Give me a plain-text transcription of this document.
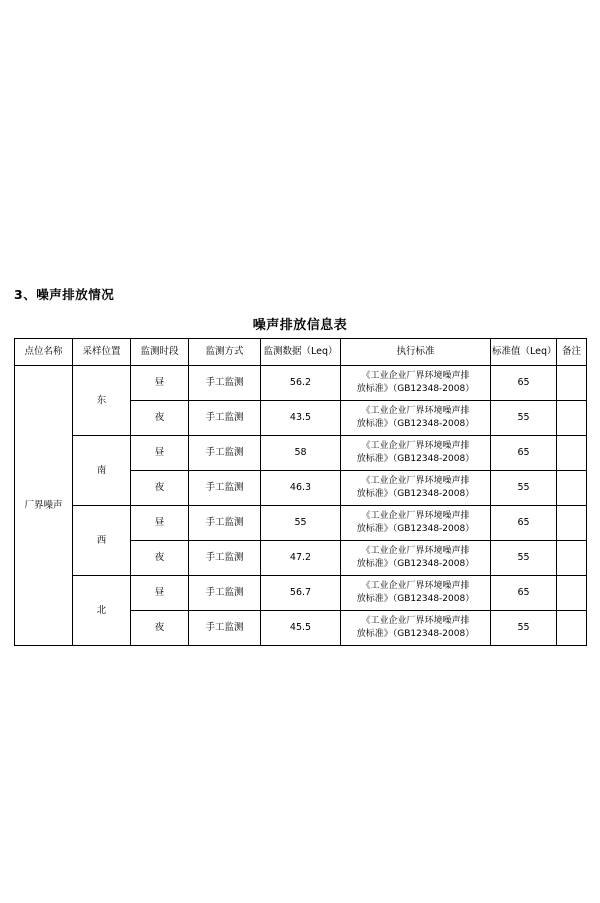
3、噪声排放情况
噪声排放信息表
点位名称	采样位置	监测时段	监测方式	监测数据（Leq）	执行标准	标准值（Leq）	备注
厂界噪声	东	昼	手工监测	56.2	《工业企业厂界环境噪声排
放标准》（GB12348-2008）	65	
		夜	手工监测	43.5	《工业企业厂界环境噪声排
放标准》（GB12348-2008）	55	
	南	昼	手工监测	58	《工业企业厂界环境噪声排
放标准》（GB12348-2008）	65	
		夜	手工监测	46.3	《工业企业厂界环境噪声排
放标准》（GB12348-2008）	55	
	西	昼	手工监测	55	《工业企业厂界环境噪声排
放标准》（GB12348-2008）	65	
		夜	手工监测	47.2	《工业企业厂界环境噪声排
放标准》（GB12348-2008）	55	
	北	昼	手工监测	56.7	《工业企业厂界环境噪声排
放标准》（GB12348-2008）	65	
		夜	手工监测	45.5	《工业企业厂界环境噪声排
放标准》（GB12348-2008）	55	
